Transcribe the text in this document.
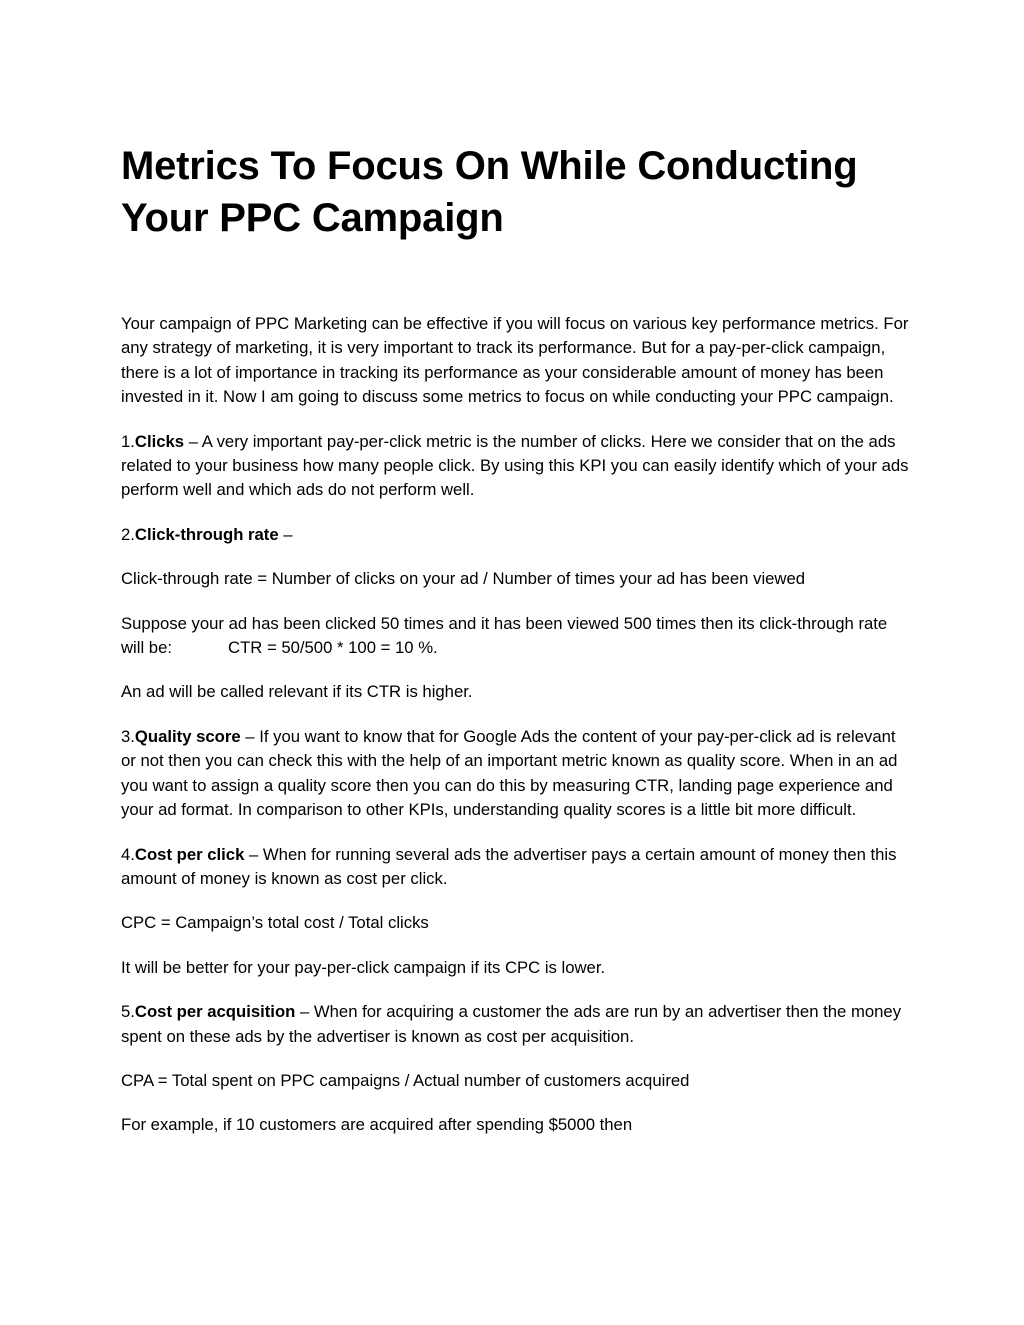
Metrics To Focus On While Conducting Your PPC Campaign

Your campaign of PPC Marketing can be effective if you will focus on various key performance metrics. For any strategy of marketing, it is very important to track its performance. But for a pay-per-click campaign, there is a lot of importance in tracking its performance as your considerable amount of money has been invested in it. Now I am going to discuss some metrics to focus on while conducting your PPC campaign.

1.Clicks – A very important pay-per-click metric is the number of clicks. Here we consider that on the ads related to your business how many people click. By using this KPI you can easily identify which of your ads perform well and which ads do not perform well.

2.Click-through rate –

Click-through rate = Number of clicks on your ad / Number of times your ad has been viewed

Suppose your ad has been clicked 50 times and it has been viewed 500 times then its click-through rate will be:	CTR = 50/500 * 100 = 10 %.

An ad will be called relevant if its CTR is higher.

3.Quality score – If you want to know that for Google Ads the content of your pay-per-click ad is relevant or not then you can check this with the help of an important metric known as quality score. When in an ad you want to assign a quality score then you can do this by measuring CTR, landing page experience and your ad format. In comparison to other KPIs, understanding quality scores is a little bit more difficult.

4.Cost per click – When for running several ads the advertiser pays a certain amount of money then this amount of money is known as cost per click.

CPC = Campaign’s total cost / Total clicks

It will be better for your pay-per-click campaign if its CPC is lower.

5.Cost per acquisition – When for acquiring a customer the ads are run by an advertiser then the money spent on these ads by the advertiser is known as cost per acquisition.

CPA = Total spent on PPC campaigns / Actual number of customers acquired

For example, if 10 customers are acquired after spending $5000 then
